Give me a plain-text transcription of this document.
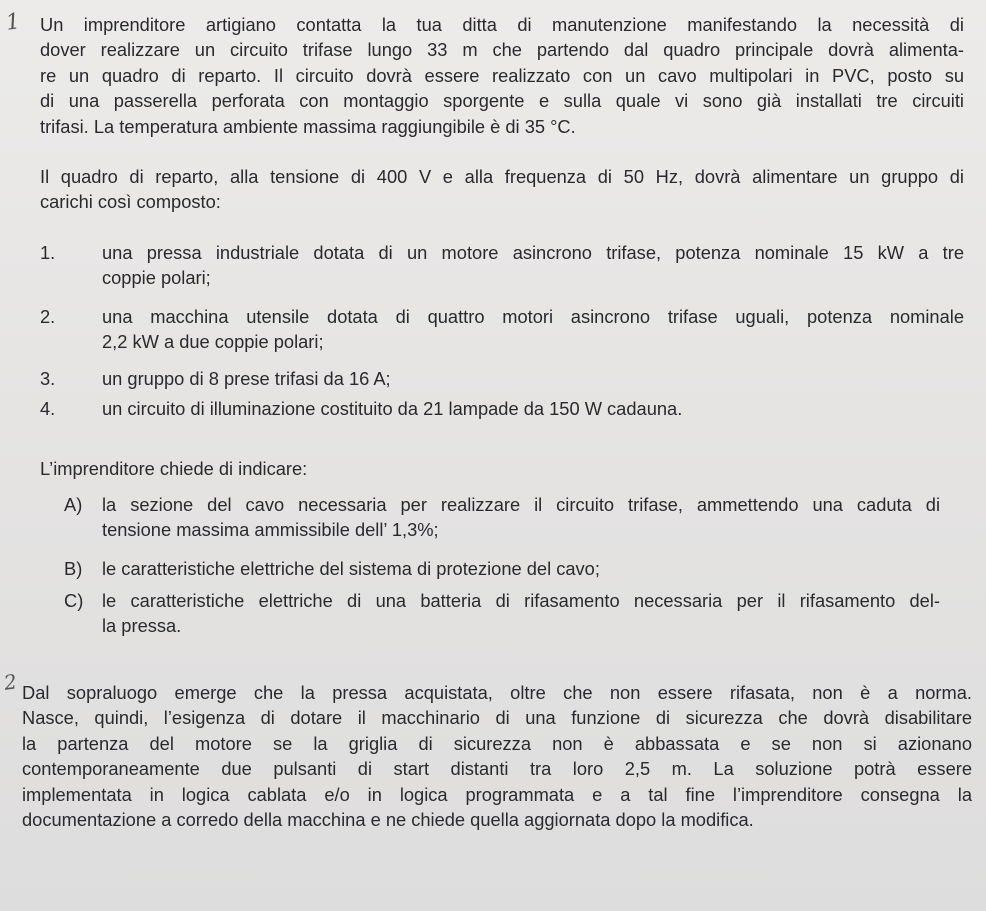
1
2

Un imprenditore artigiano contatta la tua ditta di manutenzione manifestando la necessità di
dover realizzare un circuito trifase lungo 33 m che partendo dal quadro principale dovrà alimenta-
re un quadro di reparto. Il circuito dovrà essere realizzato con un cavo multipolari in PVC, posto su
di una passerella perforata con montaggio sporgente e sulla quale vi sono già installati tre circuiti
trifasi. La temperatura ambiente massima raggiungibile è di 35 °C.

Il quadro di reparto, alla tensione di 400 V e alla frequenza di 50 Hz, dovrà alimentare un gruppo di
carichi così composto:

1.	una pressa industriale dotata di un motore asincrono trifase, potenza nominale 15 kW a tre
coppie polari;
2.	una macchina utensile dotata di quattro motori asincrono trifase uguali, potenza nominale
2,2 kW a due coppie polari;
3.	un gruppo di 8 prese trifasi da 16 A;
4.	un circuito di illuminazione costituito da 21 lampade da 150 W cadauna.

L’imprenditore chiede di indicare:

A) la sezione del cavo necessaria per realizzare il circuito trifase, ammettendo una caduta di
tensione massima ammissibile dell’ 1,3%;
B) le caratteristiche elettriche del sistema di protezione del cavo;
C) le caratteristiche elettriche di una batteria di rifasamento necessaria per il rifasamento del-
la pressa.

Dal sopraluogo emerge che la pressa acquistata, oltre che non essere rifasata, non è a norma.
Nasce, quindi, l’esigenza di dotare il macchinario di una funzione di sicurezza che dovrà disabilitare
la partenza del motore se la griglia di sicurezza non è abbassata e se non si azionano
contemporaneamente due pulsanti di start distanti tra loro 2,5 m. La soluzione potrà essere
implementata in logica cablata e/o in logica programmata e a tal fine l’imprenditore consegna la
documentazione a corredo della macchina e ne chiede quella aggiornata dopo la modifica.
